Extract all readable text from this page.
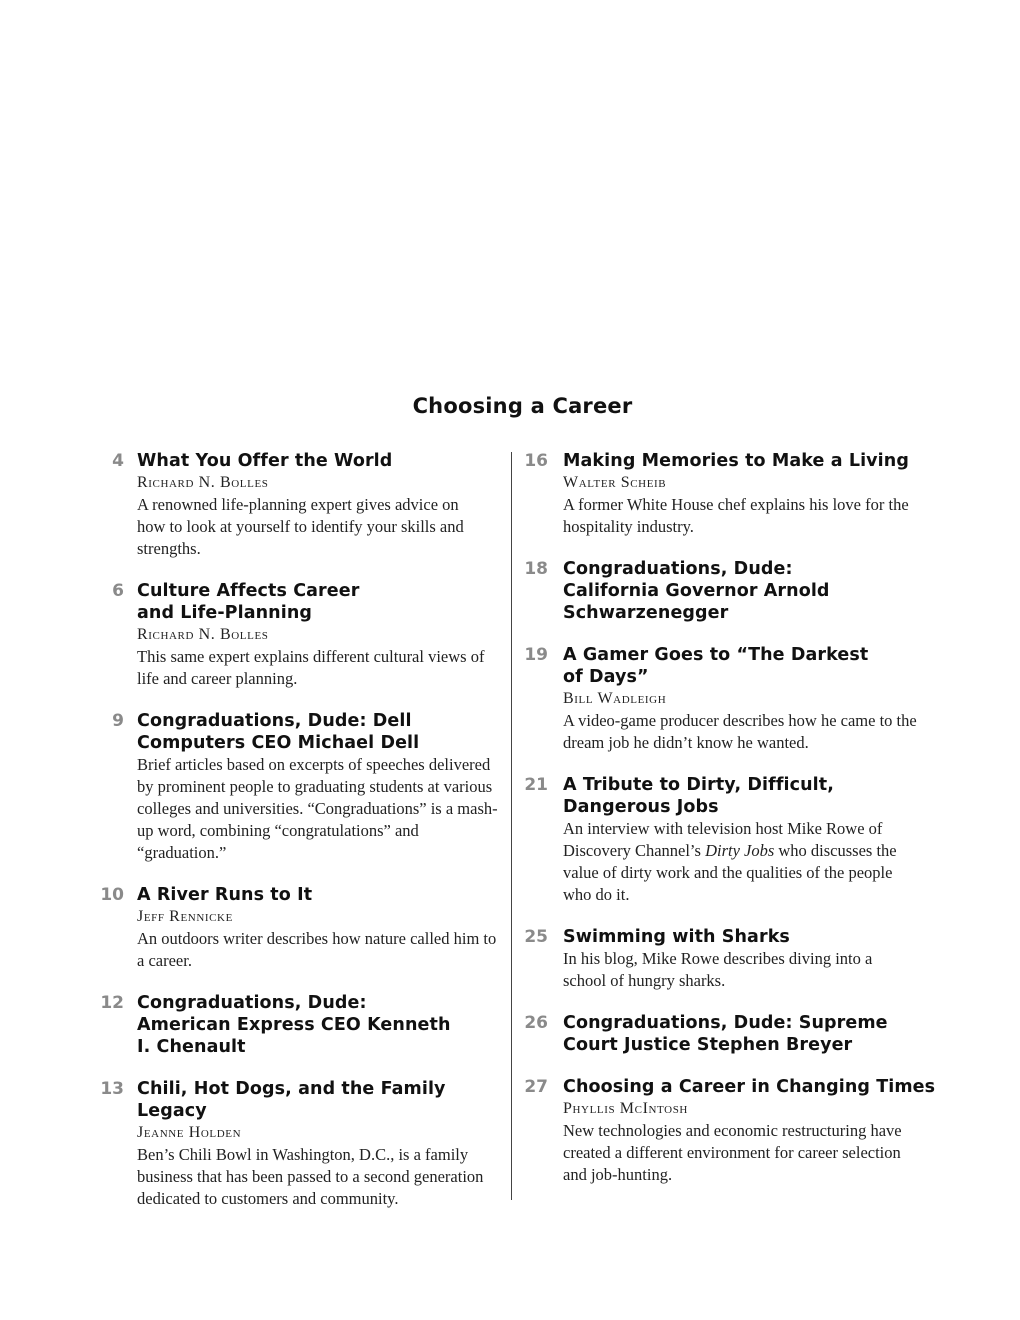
Choosing a Career
4 What You Offer the World
Richard N. Bolles
A renowned life-planning expert gives advice on how to look at yourself to identify your skills and strengths.
6 Culture Affects Career and Life-Planning
Richard N. Bolles
This same expert explains different cultural views of life and career planning.
9 Congraduations, Dude: Dell Computers CEO Michael Dell
Brief articles based on excerpts of speeches delivered by prominent people to graduating students at various colleges and universities. “Congraduations” is a mash-up word, combining “congratulations” and “graduation.”
10 A River Runs to It
Jeff Rennicke
An outdoors writer describes how nature called him to a career.
12 Congraduations, Dude: American Express CEO Kenneth I. Chenault
13 Chili, Hot Dogs, and the Family Legacy
Jeanne Holden
Ben’s Chili Bowl in Washington, D.C., is a family business that has been passed to a second generation dedicated to customers and community.
16 Making Memories to Make a Living
Walter Scheib
A former White House chef explains his love for the hospitality industry.
18 Congraduations, Dude: California Governor Arnold Schwarzenegger
19 A Gamer Goes to “The Darkest of Days”
Bill Wadleigh
A video-game producer describes how he came to the dream job he didn’t know he wanted.
21 A Tribute to Dirty, Difficult, Dangerous Jobs
An interview with television host Mike Rowe of Discovery Channel’s Dirty Jobs who discusses the value of dirty work and the qualities of the people who do it.
25 Swimming with Sharks
In his blog, Mike Rowe describes diving into a school of hungry sharks.
26 Congraduations, Dude: Supreme Court Justice Stephen Breyer
27 Choosing a Career in Changing Times
Phyllis McIntosh
New technologies and economic restructuring have created a different environment for career selection and job-hunting.
